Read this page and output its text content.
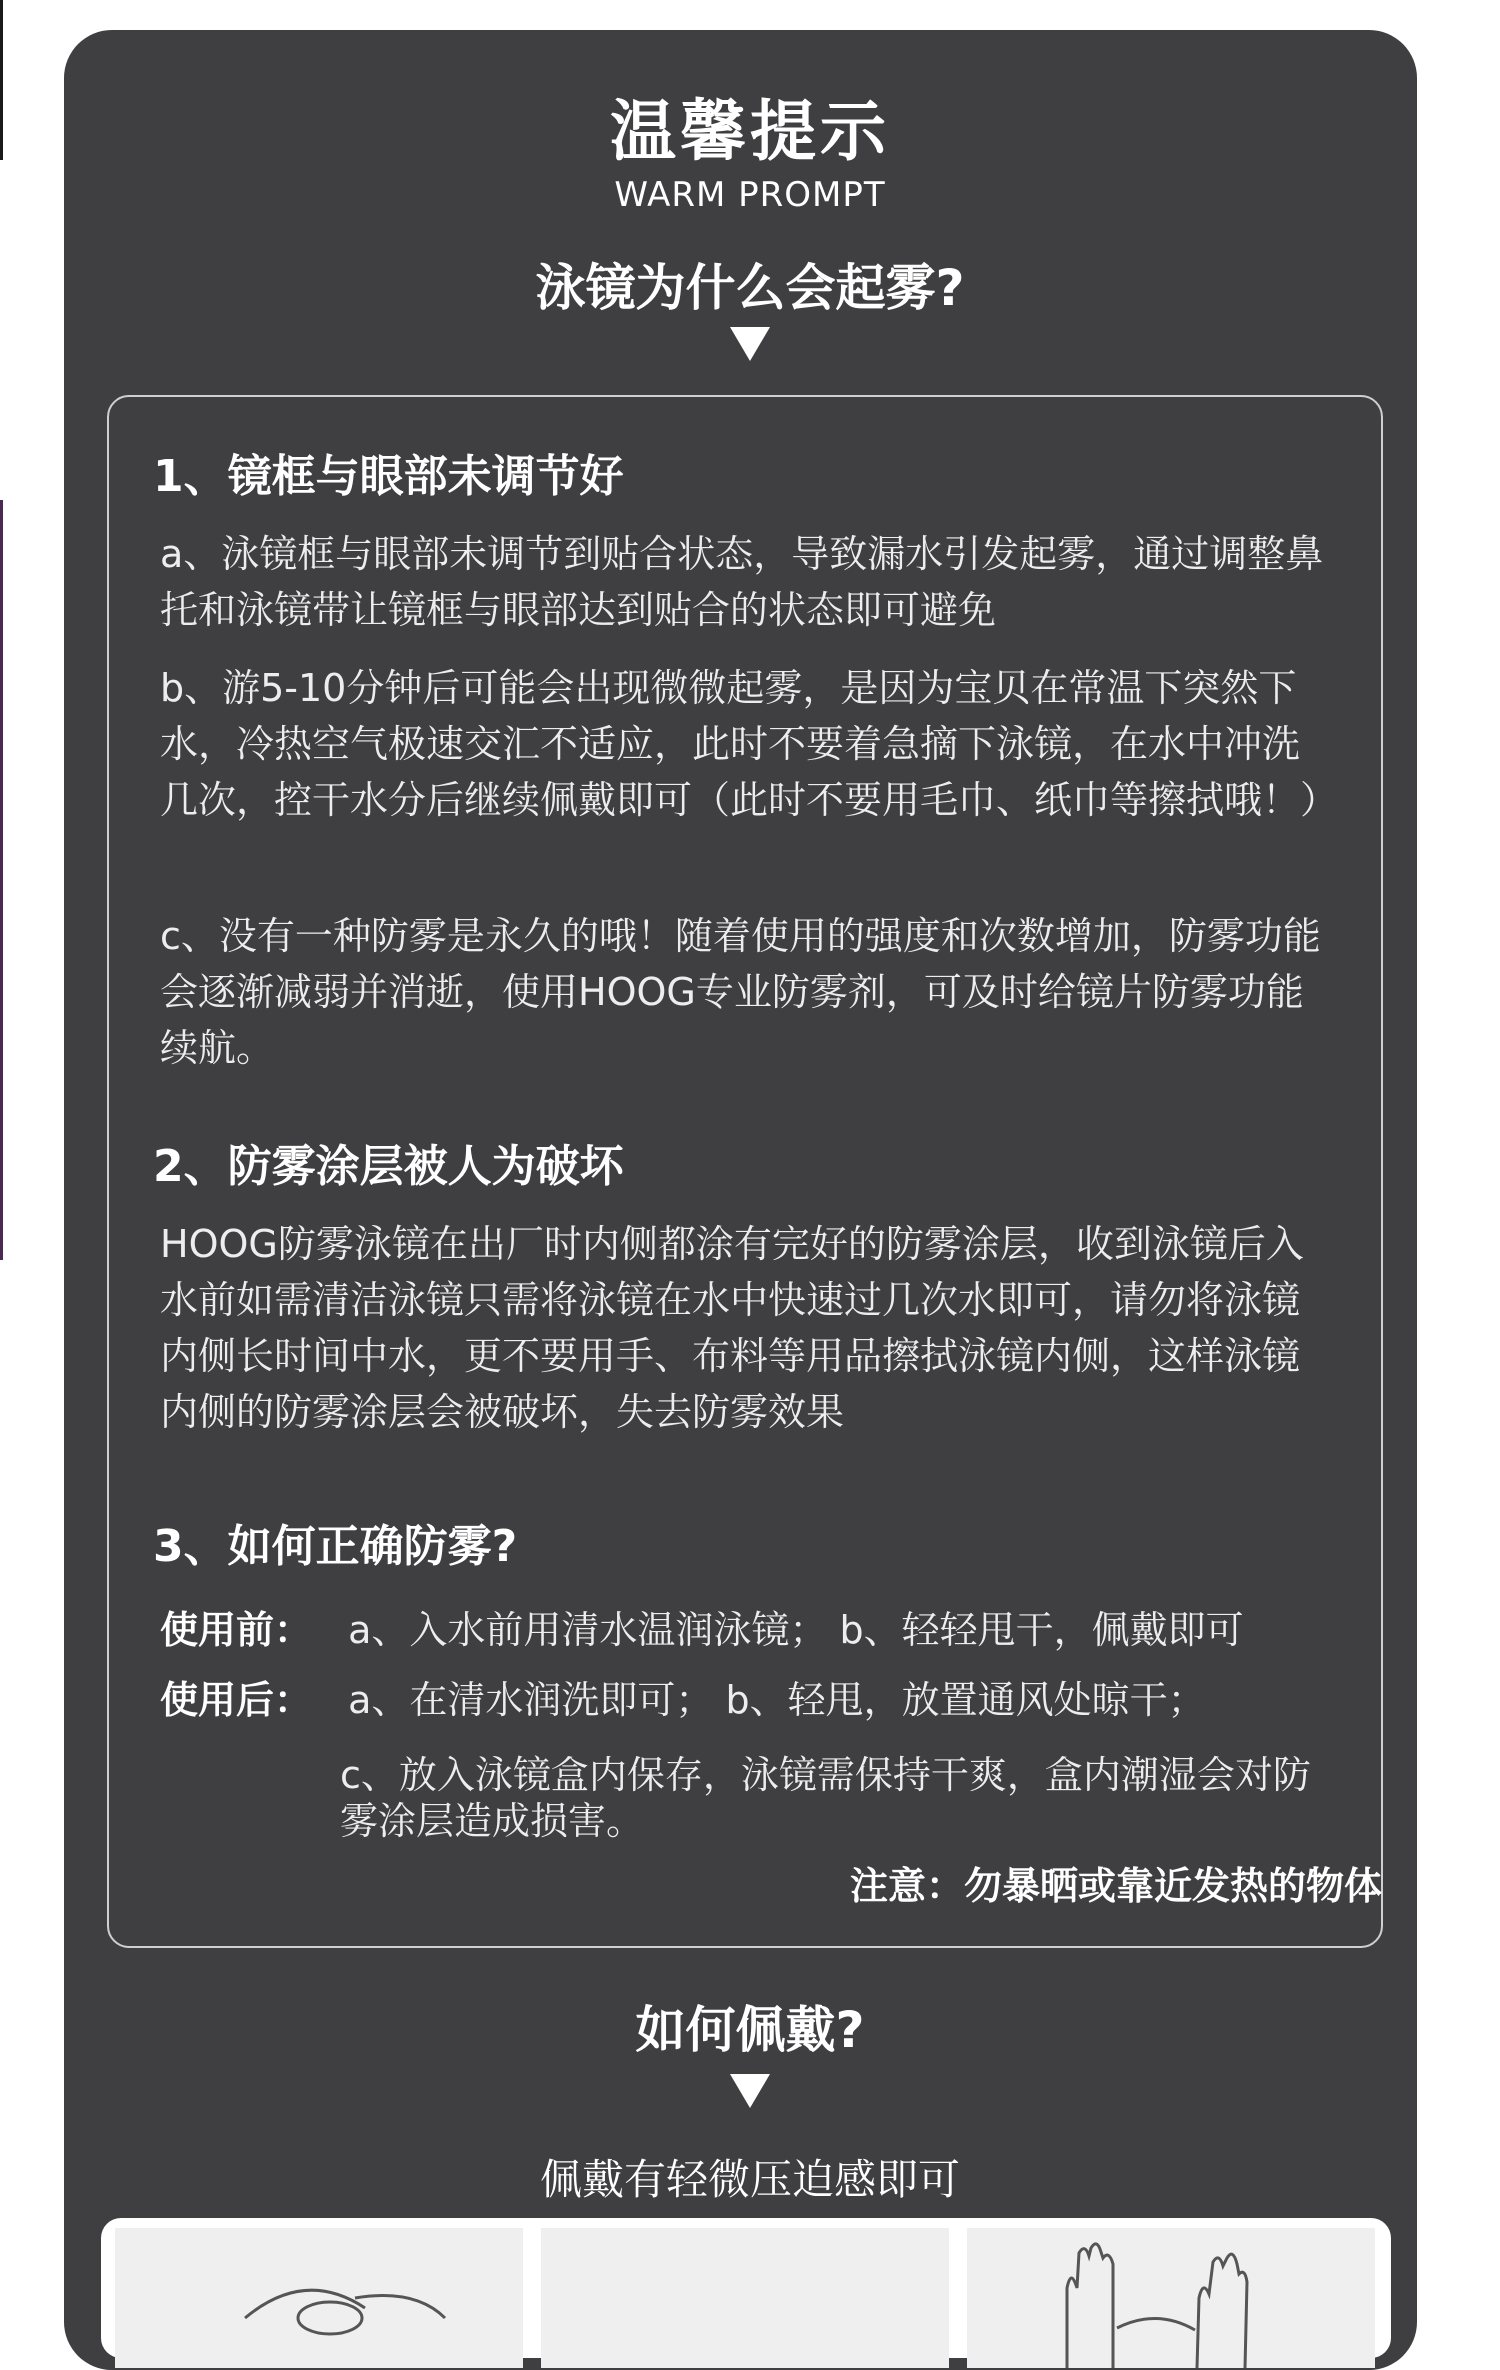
温馨提示
WARM PROMPT
泳镜为什么会起雾?
1、镜框与眼部未调节好
a、泳镜框与眼部未调节到贴合状态，导致漏水引发起雾，通过调整鼻托和泳镜带让镜框与眼部达到贴合的状态即可避免
b、游5-10分钟后可能会出现微微起雾，是因为宝贝在常温下突然下水，冷热空气极速交汇不适应，此时不要着急摘下泳镜，在水中冲洗几次，控干水分后继续佩戴即可（此时不要用毛巾、纸巾等擦拭哦！）
c、没有一种防雾是永久的哦！随着使用的强度和次数增加，防雾功能会逐渐减弱并消逝，使用HOOG专业防雾剂，可及时给镜片防雾功能续航。
2、防雾涂层被人为破坏
HOOG防雾泳镜在出厂时内侧都涂有完好的防雾涂层，收到泳镜后入水前如需清洁泳镜只需将泳镜在水中快速过几次水即可，请勿将泳镜内侧长时间中水，更不要用手、布料等用品擦拭泳镜内侧，这样泳镜内侧的防雾涂层会被破坏，失去防雾效果
3、如何正确防雾?
使用前： a、入水前用清水温润泳镜； b、轻轻甩干，佩戴即可
使用后： a、在清水润洗即可； b、轻甩，放置通风处晾干；
c、放入泳镜盒内保存，泳镜需保持干爽，盒内潮湿会对防雾涂层造成损害。
注意：勿暴晒或靠近发热的物体
如何佩戴?
佩戴有轻微压迫感即可
